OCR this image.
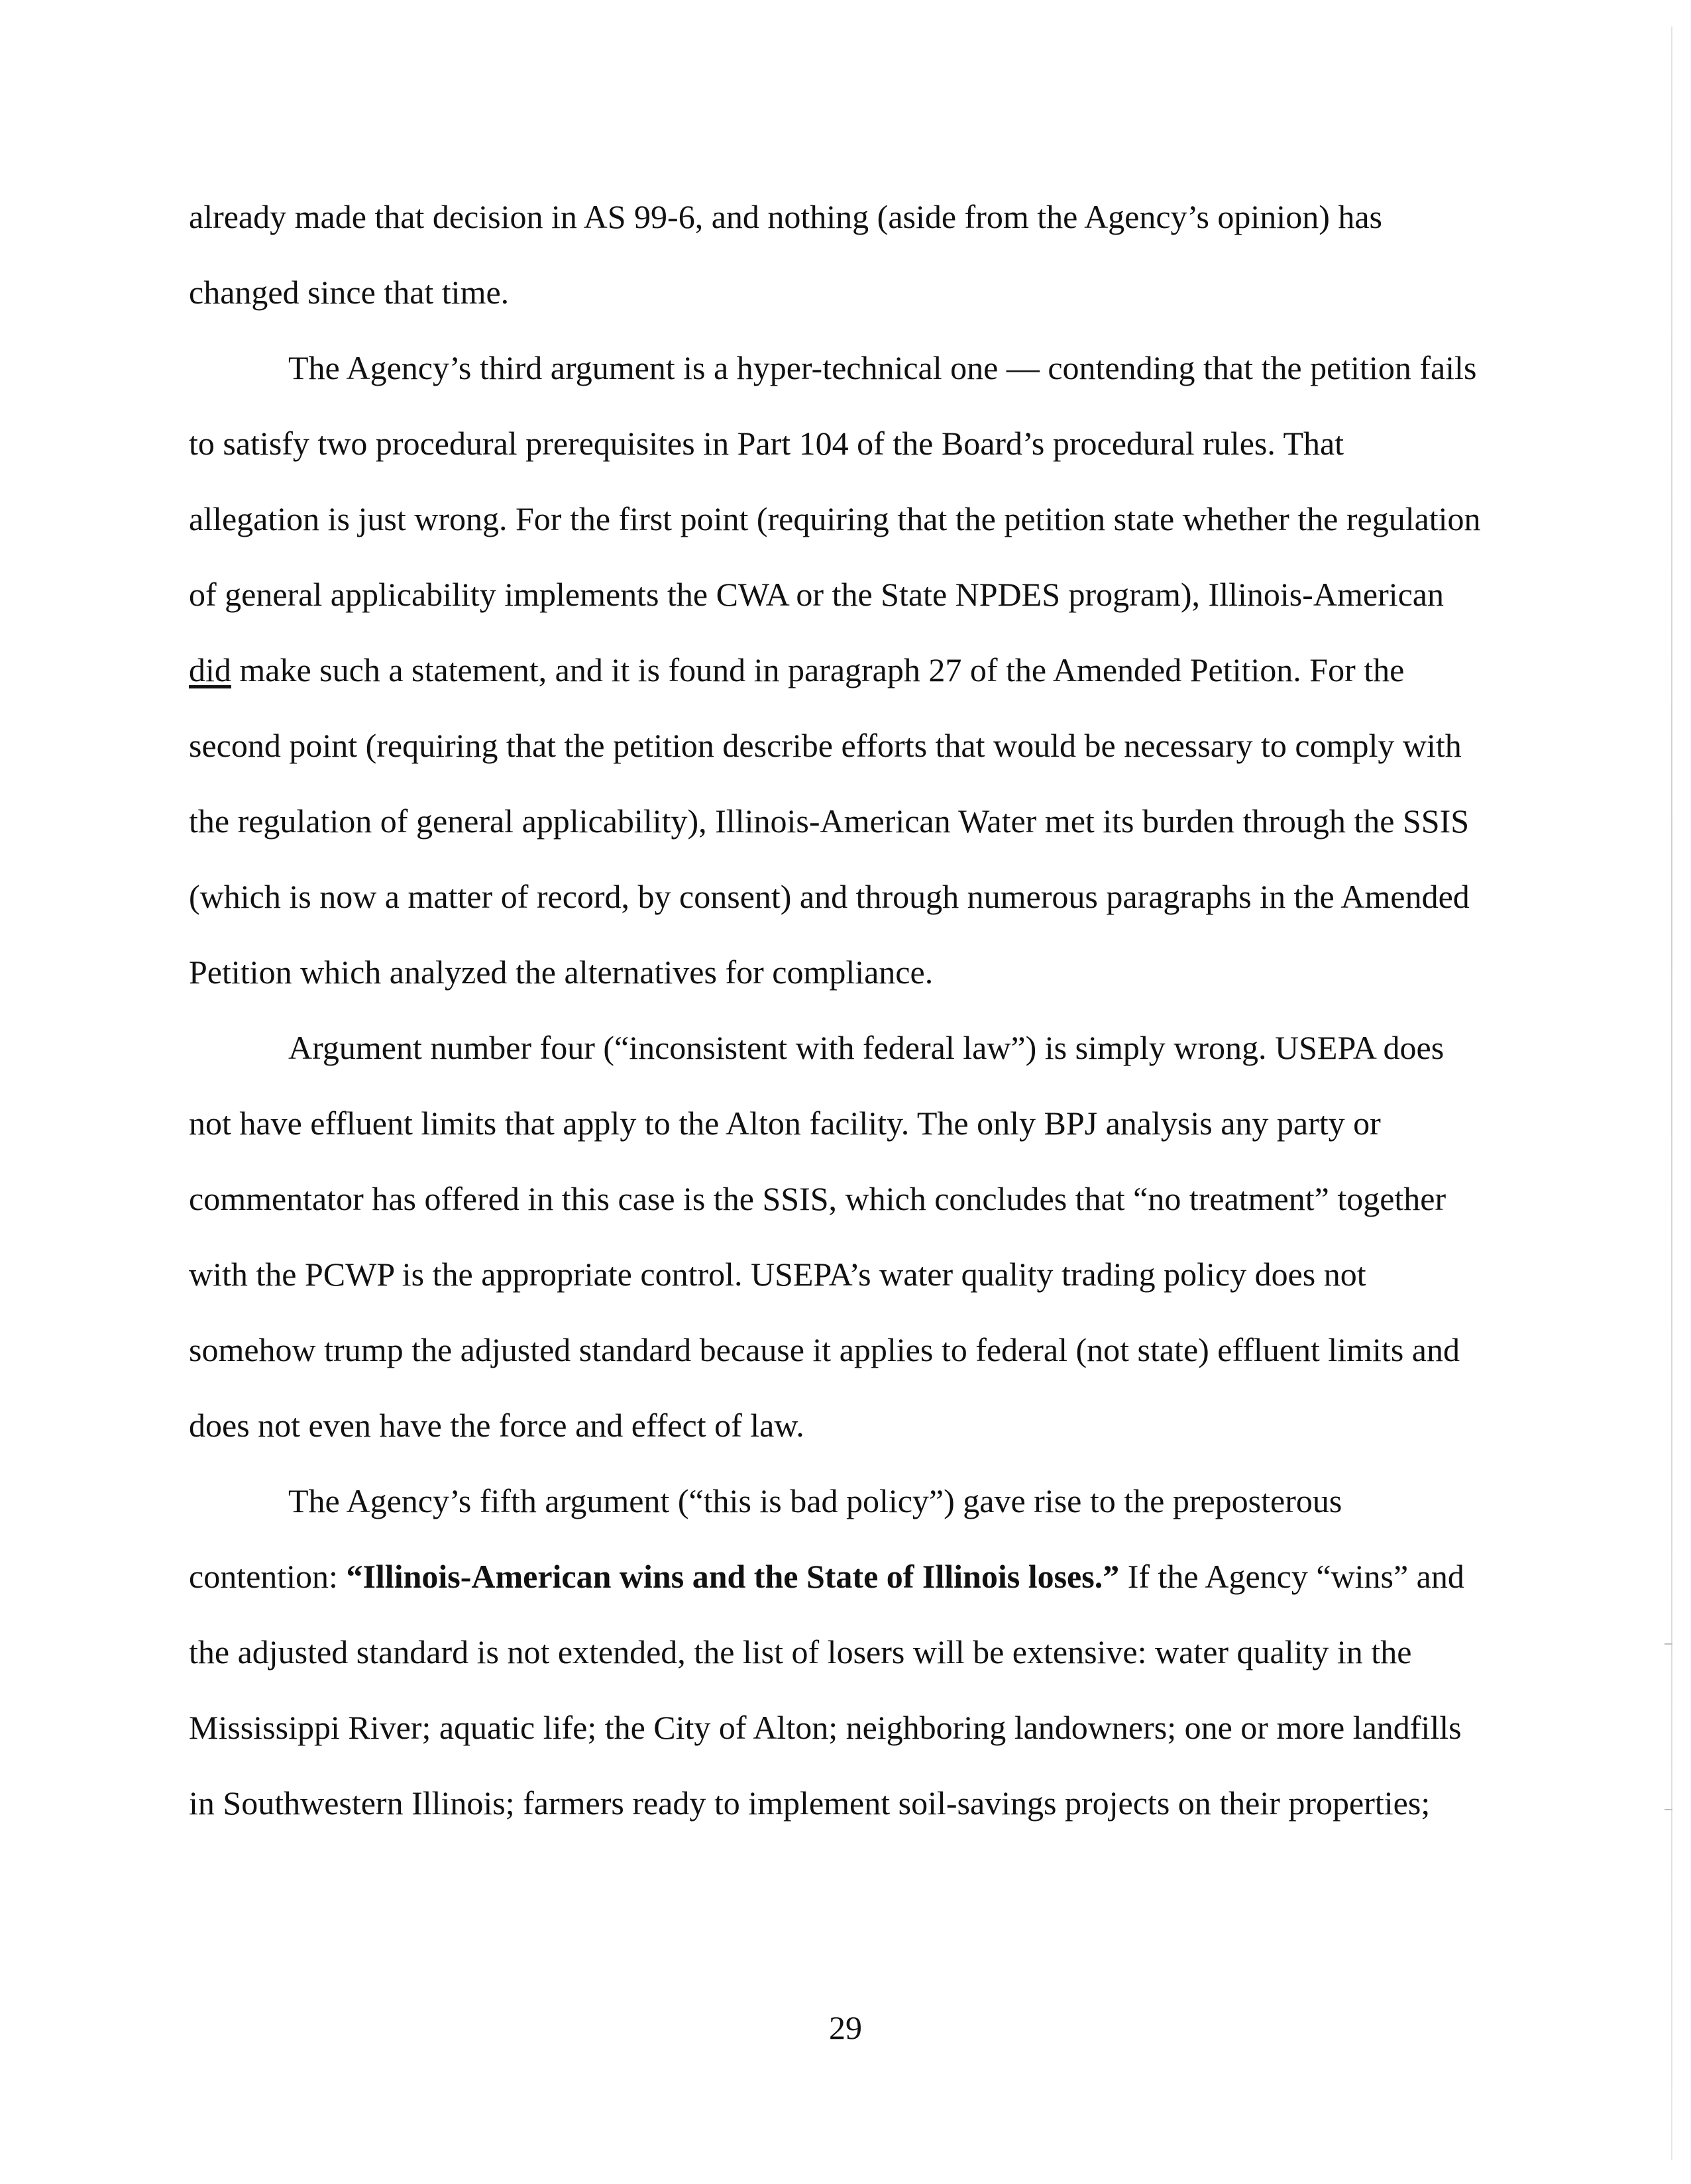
already made that decision in AS 99-6, and nothing (aside from the Agency’s opinion) has changed since that time.

The Agency’s third argument is a hyper-technical one — contending that the petition fails to satisfy two procedural prerequisites in Part 104 of the Board’s procedural rules. That allegation is just wrong. For the first point (requiring that the petition state whether the regulation of general applicability implements the CWA or the State NPDES program), Illinois-American did make such a statement, and it is found in paragraph 27 of the Amended Petition. For the second point (requiring that the petition describe efforts that would be necessary to comply with the regulation of general applicability), Illinois-American Water met its burden through the SSIS (which is now a matter of record, by consent) and through numerous paragraphs in the Amended Petition which analyzed the alternatives for compliance.

Argument number four (“inconsistent with federal law”) is simply wrong. USEPA does not have effluent limits that apply to the Alton facility. The only BPJ analysis any party or commentator has offered in this case is the SSIS, which concludes that “no treatment” together with the PCWP is the appropriate control. USEPA’s water quality trading policy does not somehow trump the adjusted standard because it applies to federal (not state) effluent limits and does not even have the force and effect of law.

The Agency’s fifth argument (“this is bad policy”) gave rise to the preposterous contention: “Illinois-American wins and the State of Illinois loses.” If the Agency “wins” and the adjusted standard is not extended, the list of losers will be extensive: water quality in the Mississippi River; aquatic life; the City of Alton; neighboring landowners; one or more landfills in Southwestern Illinois; farmers ready to implement soil-savings projects on their properties;

29
